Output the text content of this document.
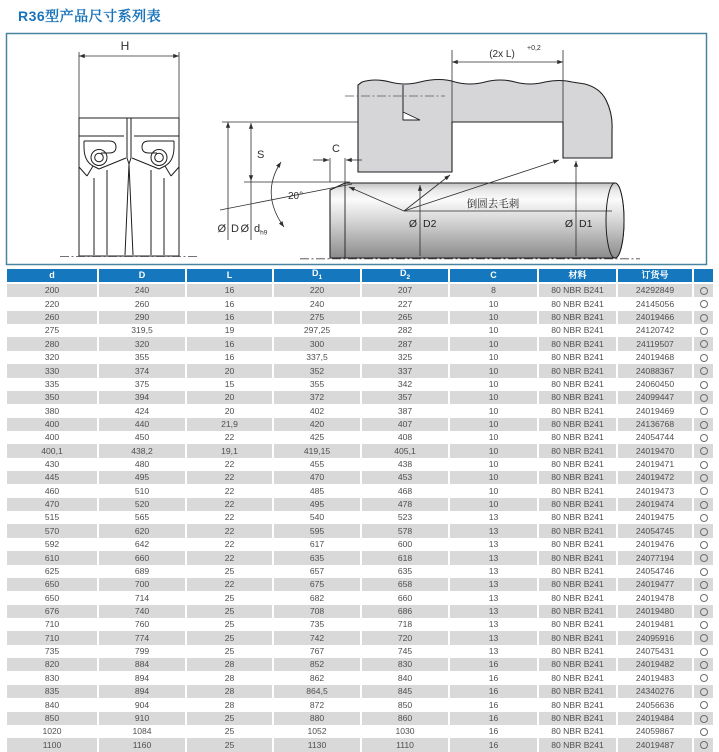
R36型产品尺寸系列表
H
(2x L)
+0,2
S
Ø D Ø $d_{h9}$
20°
C
Ø D2	Ø D1
倒圆去毛刺
d	D	L	$D_1$	$D_2$	C	材料	订货号	
200	240	16	220	207	8	80 NBR B241	24292849	
220	260	16	240	227	10	80 NBR B241	24145056	
260	290	16	275	265	10	80 NBR B241	24019466	
275	319,5	19	297,25	282	10	80 NBR B241	24120742	
280	320	16	300	287	10	80 NBR B241	24119507	
320	355	16	337,5	325	10	80 NBR B241	24019468	
330	374	20	352	337	10	80 NBR B241	24088367	
335	375	15	355	342	10	80 NBR B241	24060450	
350	394	20	372	357	10	80 NBR B241	24099447	
380	424	20	402	387	10	80 NBR B241	24019469	
400	440	21,9	420	407	10	80 NBR B241	24136768	
400	450	22	425	408	10	80 NBR B241	24054744	
400,1	438,2	19,1	419,15	405,1	10	80 NBR B241	24019470	
430	480	22	455	438	10	80 NBR B241	24019471	
445	495	22	470	453	10	80 NBR B241	24019472	
460	510	22	485	468	10	80 NBR B241	24019473	
470	520	22	495	478	10	80 NBR B241	24019474	
515	565	22	540	523	13	80 NBR B241	24019475	
570	620	22	595	578	13	80 NBR B241	24054745	
592	642	22	617	600	13	80 NBR B241	24019476	
610	660	22	635	618	13	80 NBR B241	24077194	
625	689	25	657	635	13	80 NBR B241	24054746	
650	700	22	675	658	13	80 NBR B241	24019477	
650	714	25	682	660	13	80 NBR B241	24019478	
676	740	25	708	686	13	80 NBR B241	24019480	
710	760	25	735	718	13	80 NBR B241	24019481	
710	774	25	742	720	13	80 NBR B241	24095916	
735	799	25	767	745	13	80 NBR B241	24075431	
820	884	28	852	830	16	80 NBR B241	24019482	
830	894	28	862	840	16	80 NBR B241	24019483	
835	894	28	864,5	845	16	80 NBR B241	24340276	
840	904	28	872	850	16	80 NBR B241	24056636	
850	910	25	880	860	16	80 NBR B241	24019484	
1020	1084	25	1052	1030	16	80 NBR B241	24059867	
1100	1160	25	1130	1110	16	80 NBR B241	24019487	
